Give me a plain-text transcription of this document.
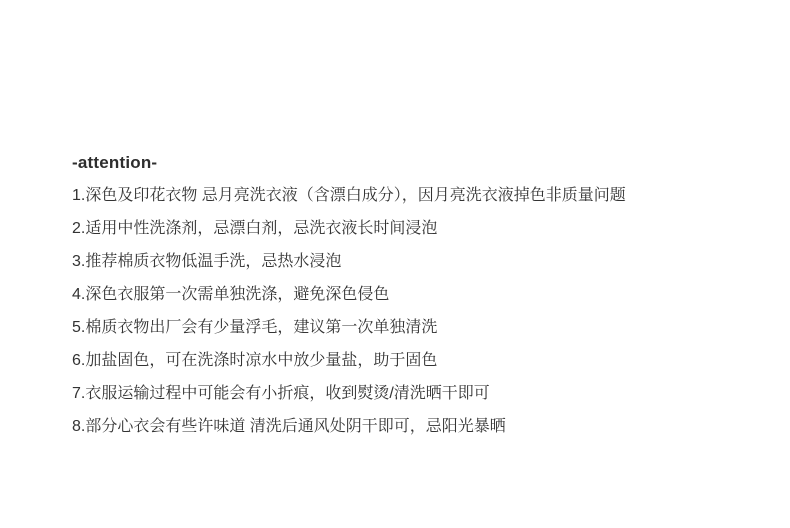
-attention-

1.深色及印花衣物 忌月亮洗衣液（含漂白成分），因月亮洗衣液掉色非质量问题

2.适用中性洗涤剂，忌漂白剂，忌洗衣液长时间浸泡

3.推荐棉质衣物低温手洗，忌热水浸泡

4.深色衣服第一次需单独洗涤，避免深色侵色

5.棉质衣物出厂会有少量浮毛，建议第一次单独清洗

6.加盐固色，可在洗涤时凉水中放少量盐，助于固色

7.衣服运输过程中可能会有小折痕，收到熨烫/清洗晒干即可

8.部分心衣会有些许味道 清洗后通风处阴干即可，忌阳光暴晒
